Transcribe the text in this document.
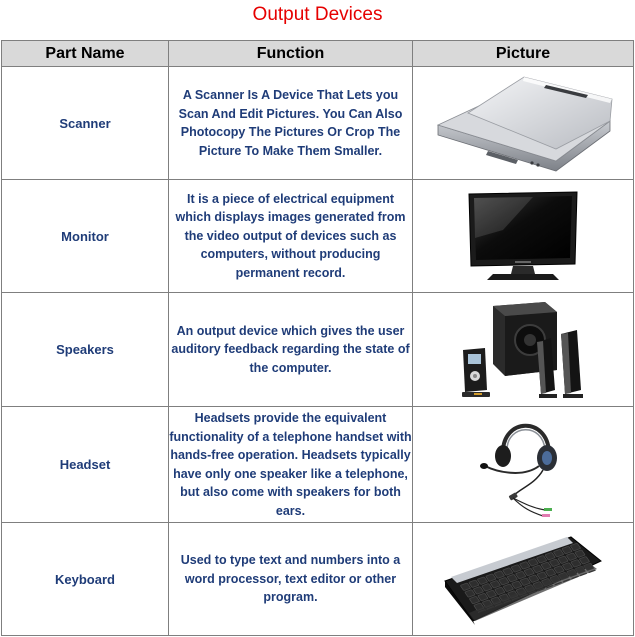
Output Devices
Part Name	Function	Picture
Scanner	A Scanner Is A Device That Lets you Scan And Edit Pictures. You Can Also Photocopy The Pictures Or Crop The Picture To Make Them Smaller.	

Monitor	It is a piece of electrical equipment which displays images generated from the video output of devices such as computers, without producing permanent record.	

Speakers	An output device which gives the user auditory feedback regarding the state of the computer.	

Headset	Headsets provide the equivalent functionality of a telephone handset with hands-free operation. Headsets typically have only one speaker like a telephone, but also come with speakers for both ears.	

Keyboard	Used to type text and numbers into a word processor, text editor or other program.	
